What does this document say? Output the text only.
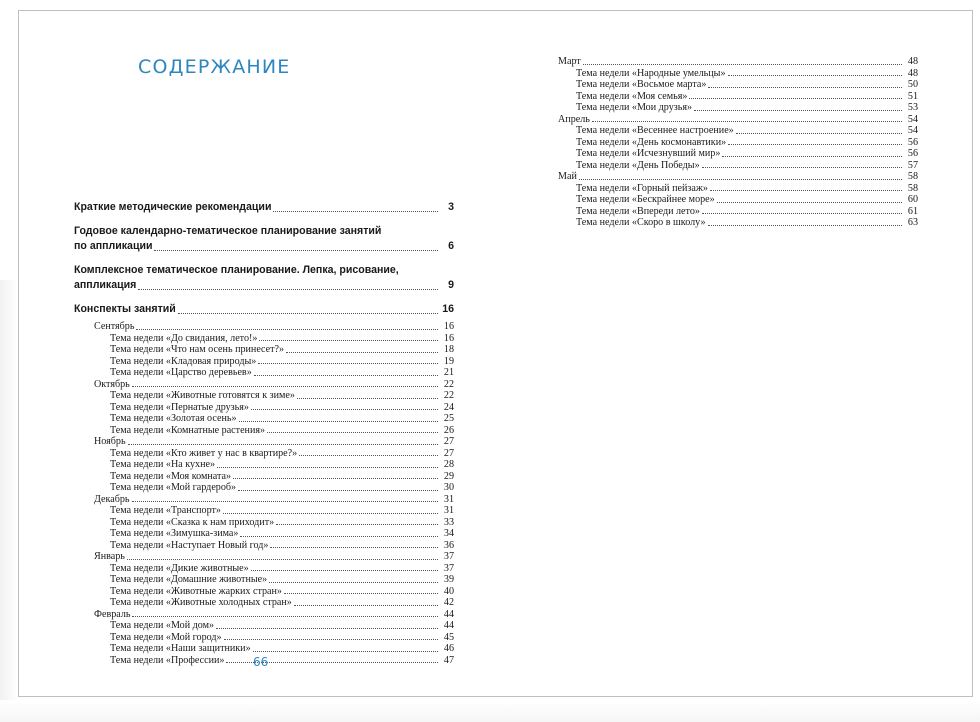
СОДЕРЖАНИЕ
Краткие методические рекомендации	3
Годовое календарно-тематическое планирование занятий
по аппликации	6
Комплексное тематическое планирование. Лепка, рисование,
аппликация	9
Конспекты занятий	16
Сентябрь	16
Тема недели «До свидания, лето!»	16
Тема недели «Что нам осень принесет?»	18
Тема недели «Кладовая природы»	19
Тема недели «Царство деревьев»	21
Октябрь	22
Тема недели «Животные готовятся к зиме»	22
Тема недели «Пернатые друзья»	24
Тема недели «Золотая осень»	25
Тема недели «Комнатные растения»	26
Ноябрь	27
Тема недели «Кто живет у нас в квартире?»	27
Тема недели «На кухне»	28
Тема недели «Моя комната»	29
Тема недели «Мой гардероб»	30
Декабрь	31
Тема недели «Транспорт»	31
Тема недели «Сказка к нам приходит»	33
Тема недели «Зимушка-зима»	34
Тема недели «Наступает Новый год»	36
Январь	37
Тема недели «Дикие животные»	37
Тема недели «Домашние животные»	39
Тема недели «Животные жарких стран»	40
Тема недели «Животные холодных стран»	42
Февраль	44
Тема недели «Мой дом»	44
Тема недели «Мой город»	45
Тема недели «Наши защитники»	46
Тема недели «Профессии»	47
Март	48
Тема недели «Народные умельцы»	48
Тема недели «Восьмое марта»	50
Тема недели «Моя семья»	51
Тема недели «Мои друзья»	53
Апрель	54
Тема недели «Весеннее настроение»	54
Тема недели «День космонавтики»	56
Тема недели «Исчезнувший мир»	56
Тема недели «День Победы»	57
Май	58
Тема недели «Горный пейзаж»	58
Тема недели «Бескрайнее море»	60
Тема недели «Впереди лето»	61
Тема недели «Скоро в школу»	63
66
